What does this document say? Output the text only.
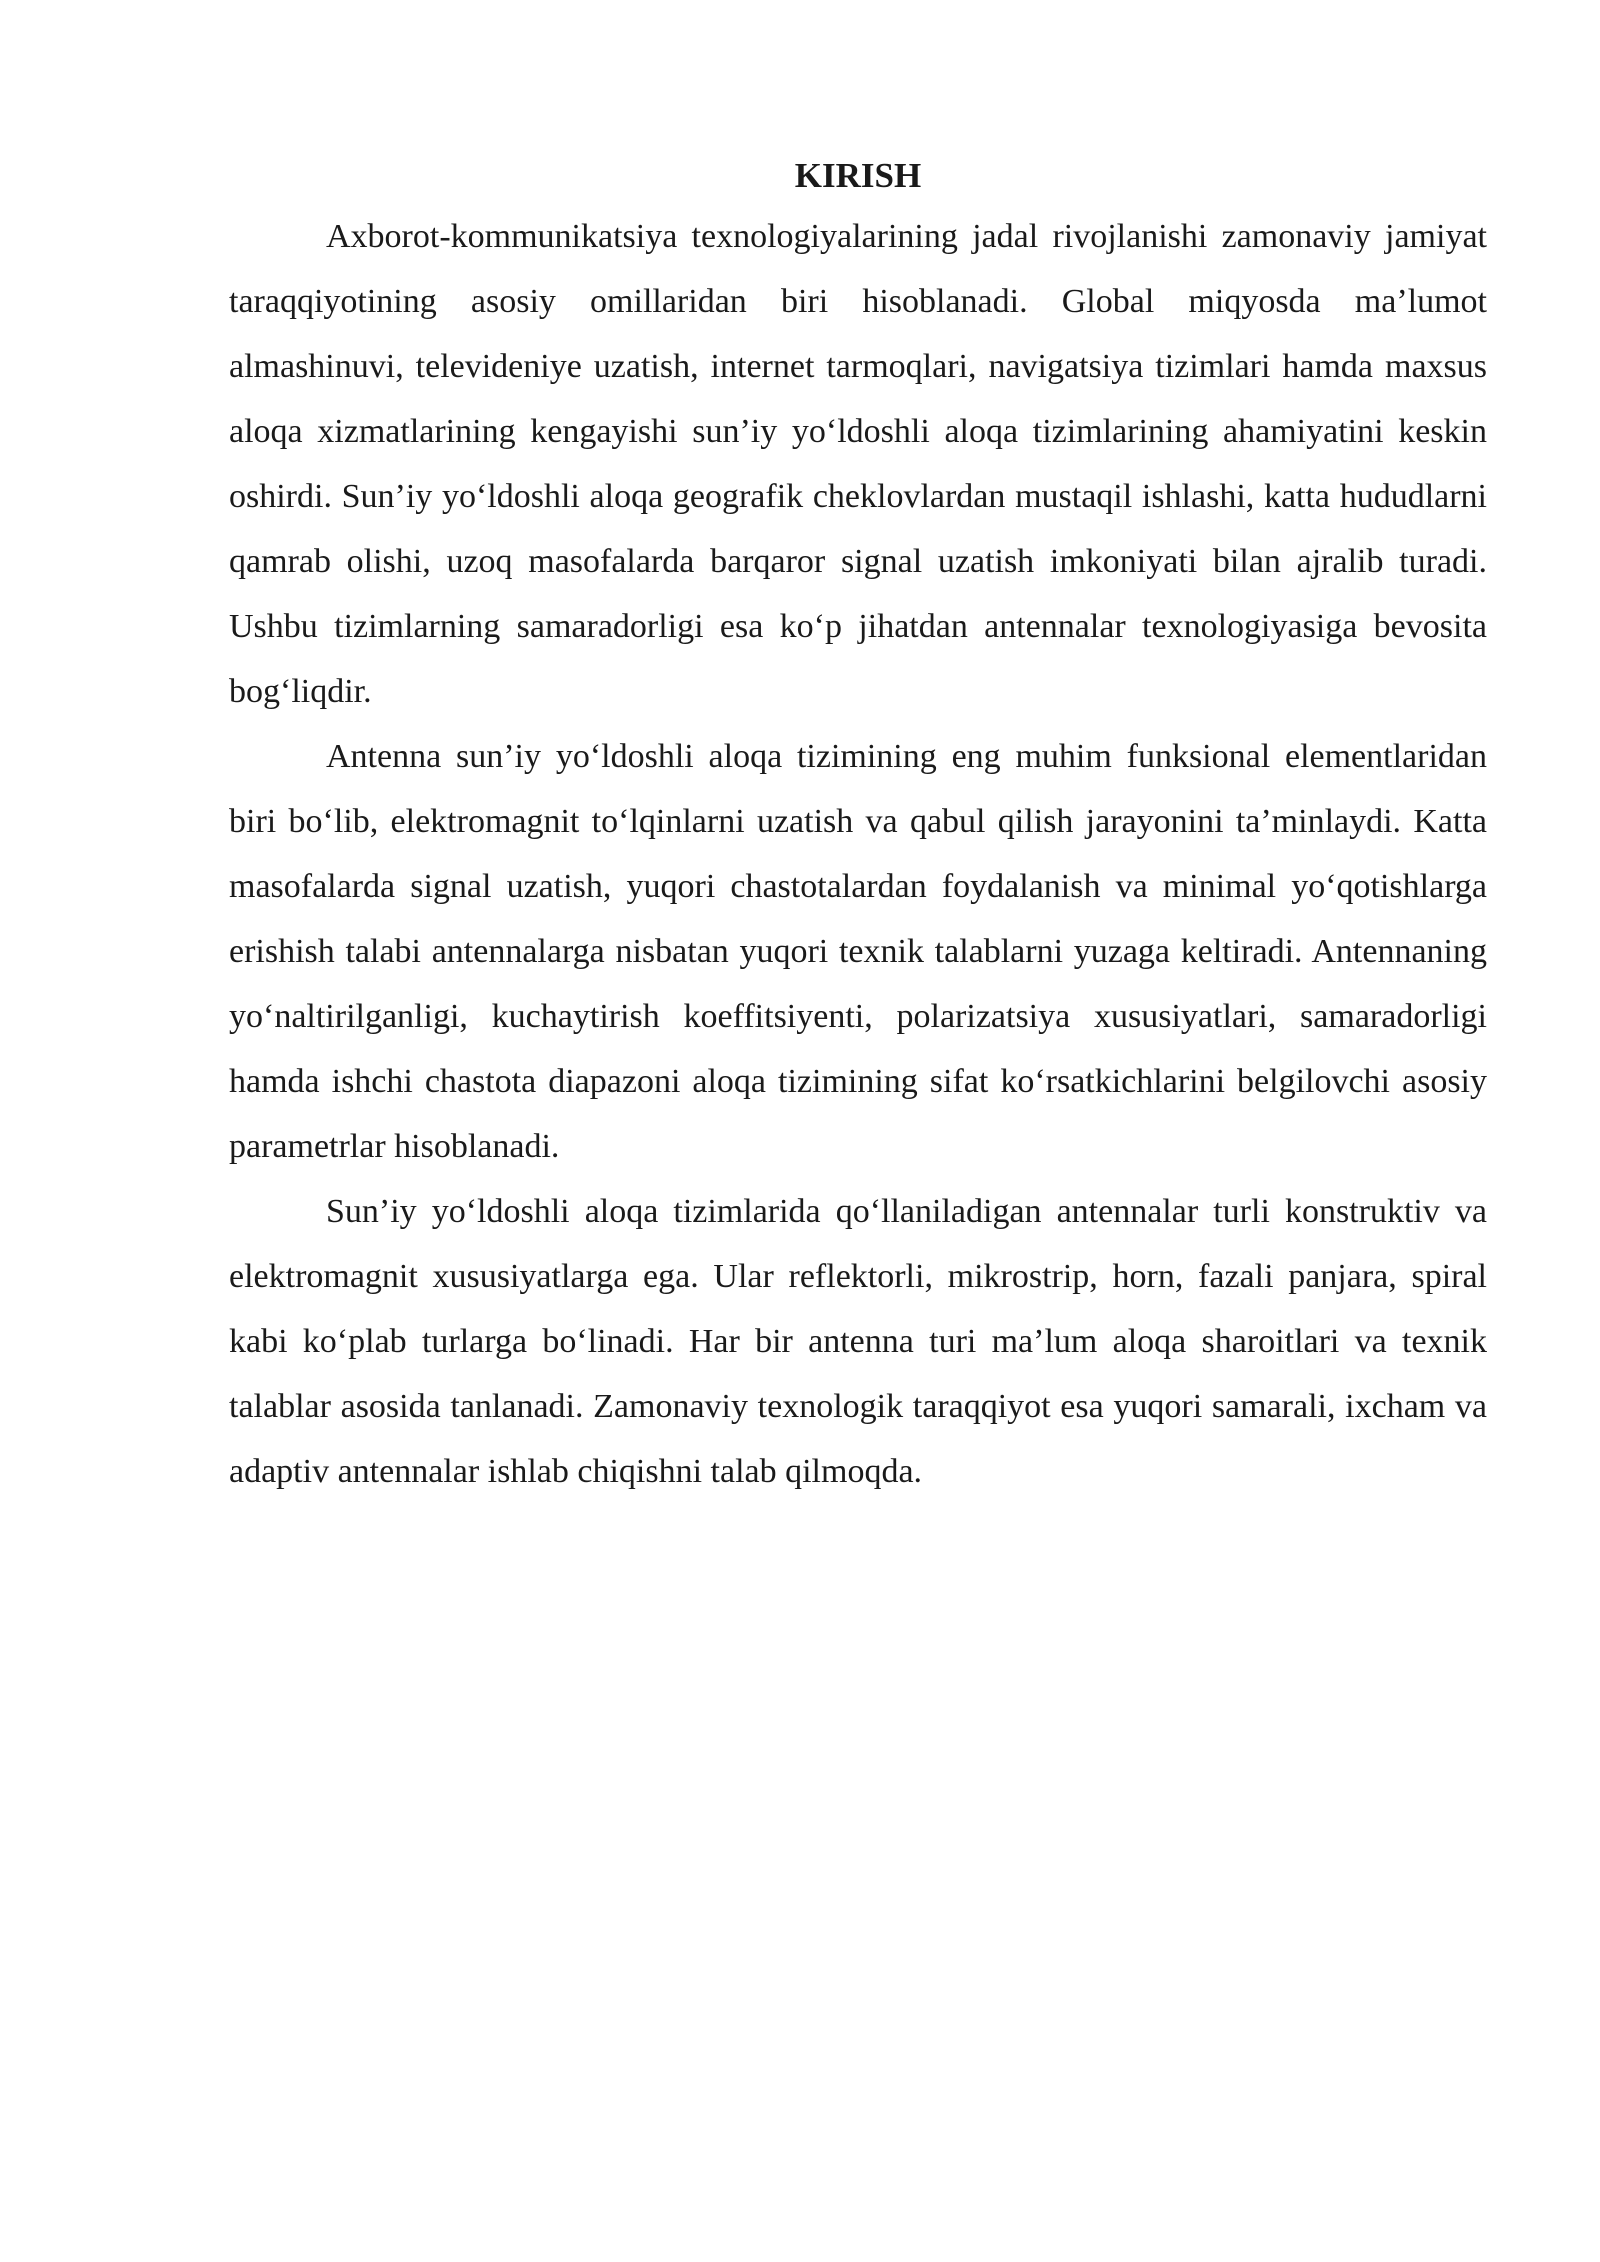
KIRISH

Axborot-kommunikatsiya texnologiyalarining jadal rivojlanishi zamonaviy jamiyat taraqqiyotining asosiy omillaridan biri hisoblanadi. Global miqyosda ma’lumot almashinuvi, televideniye uzatish, internet tarmoqlari, navigatsiya tizimlari hamda maxsus aloqa xizmatlarining kengayishi sun’iy yo‘ldoshli aloqa tizimlarining ahamiyatini keskin oshirdi. Sun’iy yo‘ldoshli aloqa geografik cheklovlardan mustaqil ishlashi, katta hududlarni qamrab olishi, uzoq masofalarda barqaror signal uzatish imkoniyati bilan ajralib turadi. Ushbu tizimlarning samaradorligi esa ko‘p jihatdan antennalar texnologiyasiga bevosita bog‘liqdir.

Antenna sun’iy yo‘ldoshli aloqa tizimining eng muhim funksional elementlaridan biri bo‘lib, elektromagnit to‘lqinlarni uzatish va qabul qilish jarayonini ta’minlaydi. Katta masofalarda signal uzatish, yuqori chastotalardan foydalanish va minimal yo‘qotishlarga erishish talabi antennalarga nisbatan yuqori texnik talablarni yuzaga keltiradi. Antennaning yo‘naltirilganligi, kuchaytirish koeffitsiyenti, polarizatsiya xususiyatlari, samaradorligi hamda ishchi chastota diapazoni aloqa tizimining sifat ko‘rsatkichlarini belgilovchi asosiy parametrlar hisoblanadi.

Sun’iy yo‘ldoshli aloqa tizimlarida qo‘llaniladigan antennalar turli konstruktiv va elektromagnit xususiyatlarga ega. Ular reflektorli, mikrostrip, horn, fazali panjara, spiral kabi ko‘plab turlarga bo‘linadi. Har bir antenna turi ma’lum aloqa sharoitlari va texnik talablar asosida tanlanadi. Zamonaviy texnologik taraqqiyot esa yuqori samarali, ixcham va adaptiv antennalar ishlab chiqishni talab qilmoqda.
